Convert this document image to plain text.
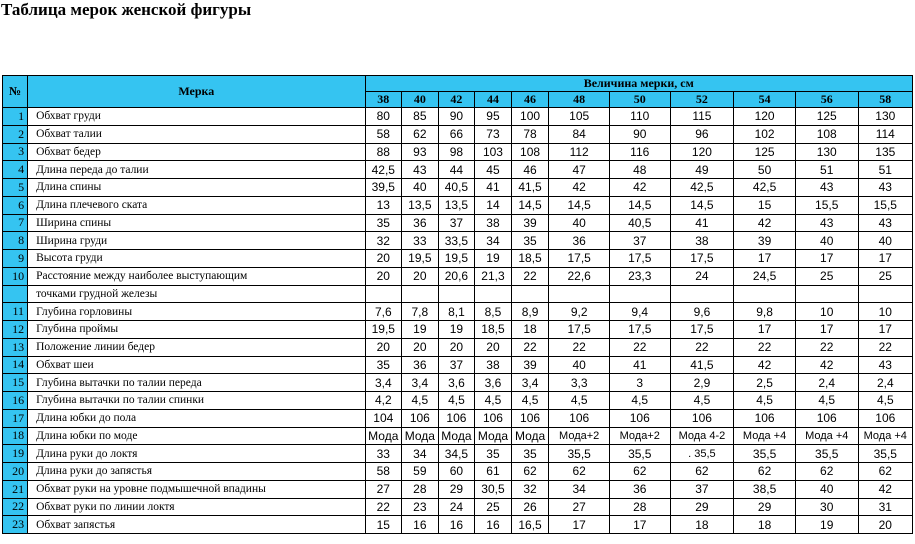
Таблица мерок женской фигуры
№	Мерка	Величина мерки, см										
		38	40	42	44	46	48	50	52	54	56	58
1	Обхват груди	80	85	90	95	100	105	110	115	120	125	130
2	Обхват талии	58	62	66	73	78	84	90	96	102	108	114
3	Обхват бедер	88	93	98	103	108	112	116	120	125	130	135
4	Длина переда до талии	42,5	43	44	45	46	47	48	49	50	51	51
5	Длина спины	39,5	40	40,5	41	41,5	42	42	42,5	42,5	43	43
6	Длина плечевого ската	13	13,5	13,5	14	14,5	14,5	14,5	14,5	15	15,5	15,5
7	Ширина спины	35	36	37	38	39	40	40,5	41	42	43	43
8	Ширина груди	32	33	33,5	34	35	36	37	38	39	40	40
9	Высота груди	20	19,5	19,5	19	18,5	17,5	17,5	17,5	17	17	17
10	Расстояние между наиболее выступающим	20	20	20,6	21,3	22	22,6	23,3	24	24,5	25	25
	точками грудной железы											
11	Глубина горловины	7,6	7,8	8,1	8,5	8,9	9,2	9,4	9,6	9,8	10	10
12	Глубина проймы	19,5	19	19	18,5	18	17,5	17,5	17,5	17	17	17
13	Положение линии бедер	20	20	20	20	22	22	22	22	22	22	22
14	Обхват шеи	35	36	37	38	39	40	41	41,5	42	42	43
15	Глубина вытачки по талии переда	3,4	3,4	3,6	3,6	3,4	3,3	3	2,9	2,5	2,4	2,4
16	Глубина вытачки по талии спинки	4,2	4,5	4,5	4,5	4,5	4,5	4,5	4,5	4,5	4,5	4,5
17	Длина юбки до пола	104	106	106	106	106	106	106	106	106	106	106
18	Длина юбки по моде	Мода	Мода	Мода	Мода	Мода	Мода+2	Мода+2	Мода 4-2	Мода +4	Мода +4	Мода +4
19	Длина руки до локтя	33	34	34,5	35	35	35,5	35,5	. 35,5	35,5	35,5	35,5
20	Длина руки до запястья	58	59	60	61	62	62	62	62	62	62	62
21	Обхват руки на уровне подмышечной впадины	27	28	29	30,5	32	34	36	37	38,5	40	42
22	Обхват руки по линии локтя	22	23	24	25	26	27	28	29	29	30	31
23	Обхват запястья	15	16	16	16	16,5	17	17	18	18	19	20
